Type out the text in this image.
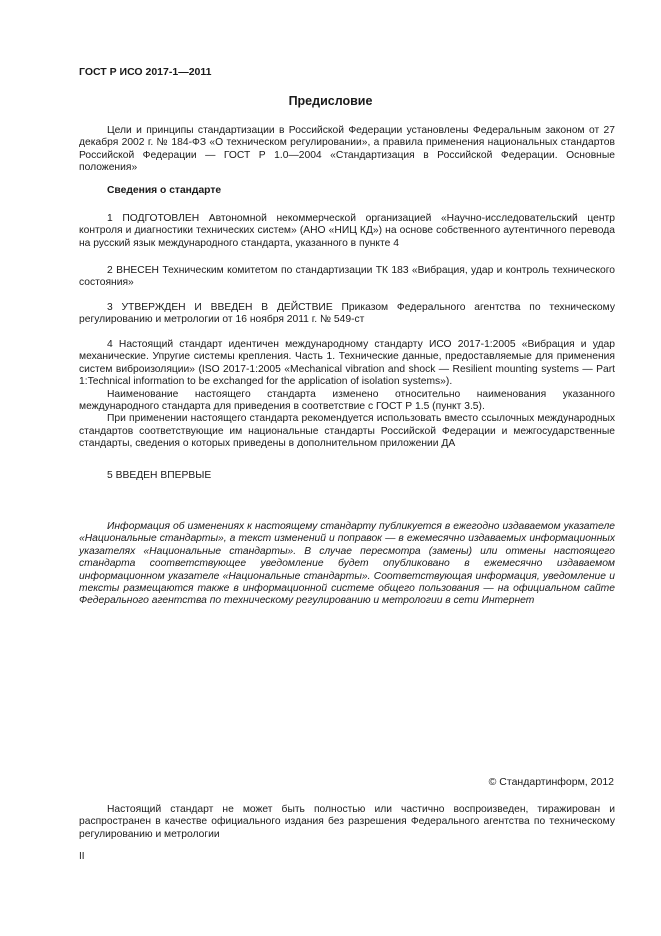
ГОСТ Р ИСО 2017-1—2011
Предисловие

Цели и принципы стандартизации в Российской Федерации установлены Федеральным законом от 27 декабря 2002 г. № 184-ФЗ «О техническом регулировании», а правила применения национальных стандартов Российской Федерации — ГОСТ Р 1.0—2004 «Стандартизация в Российской Федерации. Основные положения»

Сведения о стандарте

1 ПОДГОТОВЛЕН Автономной некоммерческой организацией «Научно-исследовательский центр контроля и диагностики технических систем» (АНО «НИЦ КД») на основе собственного аутентичного перевода на русский язык международного стандарта, указанного в пункте 4

2 ВНЕСЕН Техническим комитетом по стандартизации ТК 183 «Вибрация, удар и контроль технического состояния»

3 УТВЕРЖДЕН И ВВЕДЕН В ДЕЙСТВИЕ Приказом Федерального агентства по техническому регулированию и метрологии от 16 ноября 2011 г. № 549-ст

4 Настоящий стандарт идентичен международному стандарту ИСО 2017-1:2005 «Вибрация и удар механические. Упругие системы крепления. Часть 1. Технические данные, предоставляемые для применения систем виброизоляции» (ISO 2017-1:2005 «Mechanical vibration and shock — Resilient mounting systems — Part 1:Technical information to be exchanged for the application of isolation systems»).

Наименование настоящего стандарта изменено относительно наименования указанного международного стандарта для приведения в соответствие с ГОСТ Р 1.5 (пункт 3.5).

При применении настоящего стандарта рекомендуется использовать вместо ссылочных международных стандартов соответствующие им национальные стандарты Российской Федерации и межгосударственные стандарты, сведения о которых приведены в дополнительном приложении ДА

5 ВВЕДЕН ВПЕРВЫЕ

Информация об изменениях к настоящему стандарту публикуется в ежегодно издаваемом указателе «Национальные стандарты», а текст изменений и поправок — в ежемесячно издаваемых информационных указателях «Национальные стандарты». В случае пересмотра (замены) или отмены настоящего стандарта соответствующее уведомление будет опубликовано в ежемесячно издаваемом информационном указателе «Национальные стандарты». Соответствующая информация, уведомление и тексты размещаются также в информационной системе общего пользования — на официальном сайте Федерального агентства по техническому регулированию и метрологии в сети Интернет

© Стандартинформ, 2012

Настоящий стандарт не может быть полностью или частично воспроизведен, тиражирован и распространен в качестве официального издания без разрешения Федерального агентства по техническому регулированию и метрологии

II
